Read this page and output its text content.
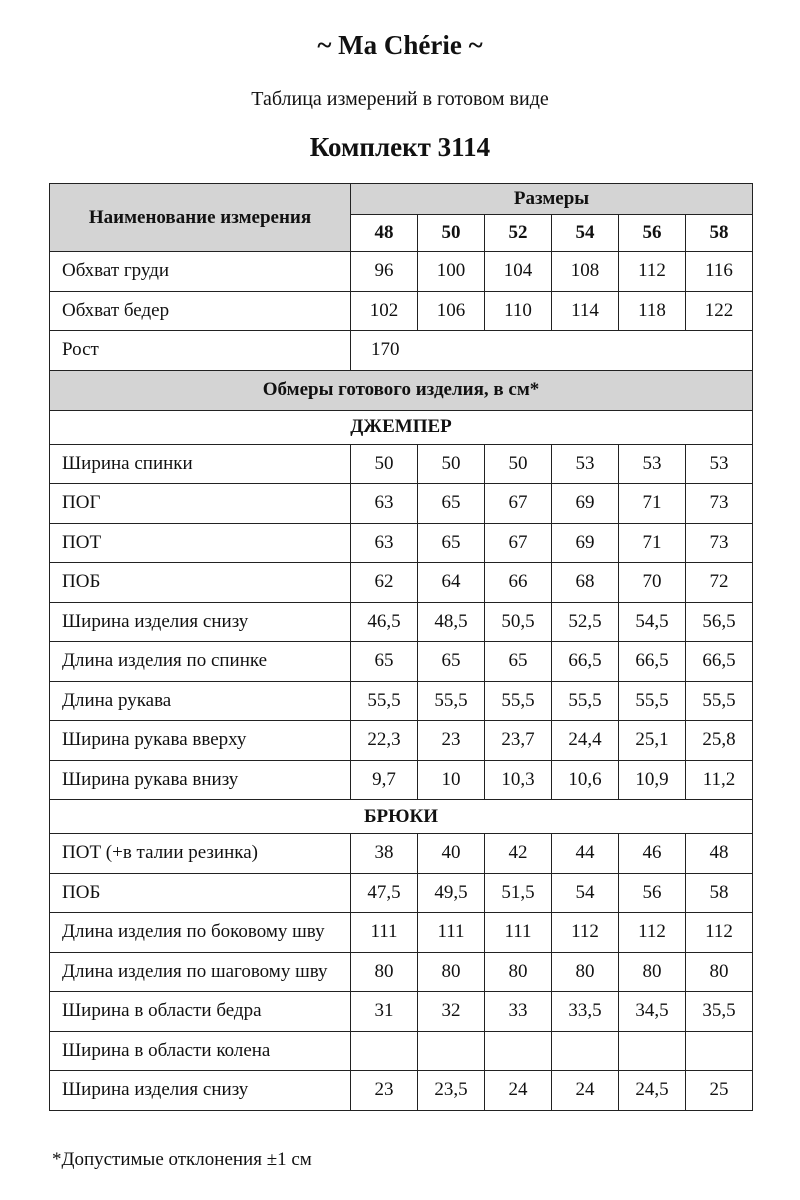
~ Ma Chérie ~
Таблица измерений в готовом виде
Комплект 3114
Наименование измерения	Размеры					
	48	50	52	54	56	58
Обхват груди	96	100	104	108	112	116
Обхват бедер	102	106	110	114	118	122
Рост	170					
Обмеры готового изделия, в см*						
ДЖЕМПЕР						
Ширина спинки	50	50	50	53	53	53
ПОГ	63	65	67	69	71	73
ПОТ	63	65	67	69	71	73
ПОБ	62	64	66	68	70	72
Ширина изделия снизу	46,5	48,5	50,5	52,5	54,5	56,5
Длина изделия по спинке	65	65	65	66,5	66,5	66,5
Длина рукава	55,5	55,5	55,5	55,5	55,5	55,5
Ширина рукава вверху	22,3	23	23,7	24,4	25,1	25,8
Ширина рукава внизу	9,7	10	10,3	10,6	10,9	11,2
БРЮКИ						
ПОТ (+в талии резинка)	38	40	42	44	46	48
ПОБ	47,5	49,5	51,5	54	56	58
Длина изделия по боковому шву	111	111	111	112	112	112
Длина изделия по шаговому шву	80	80	80	80	80	80
Ширина в области бедра	31	32	33	33,5	34,5	35,5
Ширина в области колена						
Ширина изделия снизу	23	23,5	24	24	24,5	25
*Допустимые отклонения ±1 см
